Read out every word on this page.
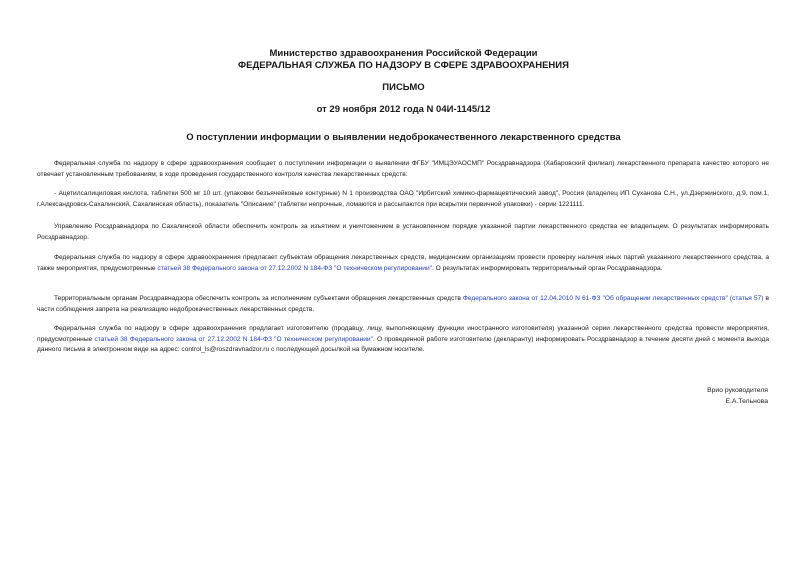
Министерство здравоохранения Российской Федерации
ФЕДЕРАЛЬНАЯ СЛУЖБА ПО НАДЗОРУ В СФЕРЕ ЗДРАВООХРАНЕНИЯ
ПИСЬМО
от 29 ноября 2012 года N 04И-1145/12
О поступлении информации о выявлении недоброкачественного лекарственного средства
Федеральная служба по надзору в сфере здравоохранения сообщает о поступлении информации о выявлении ФГБУ "ИМЦЭУАОСМП" Росздравнадзора (Хабаровский филиал) лекарственного препарата качество которого не отвечает установленным требованиям, в ходе проведения государственного контроля качества лекарственных средств:
- Ацетилсалициловая кислота, таблетки 500 мг 10 шт. (упаковки безъячейковые контурные) N 1 производства ОАО "Ирбитский химико-фармацевтический завод", Россия (владелец ИП Суханова С.Н., ул.Дзержинского, д.9, пом.1, г.Александровск-Сахалинский, Сахалинская область), показатель "Описание" (таблетки непрочные, ломаются и рассыпаются при вскрытии первичной упаковки) - серии 1221111.
Управлению Росздравнадзора по Сахалинской области обеспечить контроль за изъятием и уничтожением в установленном порядке указанной партии лекарственного средства ее владельцем. О результатах информировать Росздравнадзор.
Федеральная служба по надзору в сфере здравоохранения предлагает субъектам обращения лекарственных средств, медицинским организациям провести проверку наличия иных партий указанного лекарственного средства, а также мероприятия, предусмотренные статьей 38 Федерального закона от 27.12.2002 N 184-ФЗ "О техническом регулировании". О результатах информировать территориальный орган Росздравнадзора.
Территориальным органам Росздравнадзора обеспечить контроль за исполнением субъектами обращения лекарственных средств Федерального закона от 12.04.2010 N 61-ФЗ "Об обращении лекарственных средств" (статья 57) в части соблюдения запрета на реализацию недоброкачественных лекарственных средств.
Федеральная служба по надзору в сфере здравоохранения предлагает изготовителю (продавцу, лицу, выполняющему функции иностранного изготовителя) указанной серии лекарственного средства провести мероприятия, предусмотренные статьей 38 Федерального закона от 27.12.2002 N 184-ФЗ "О техническом регулировании". О проведенной работе изготовителю (декларанту) информировать Росздравнадзор в течение десяти дней с момента выхода данного письма в электронном виде на адрес: control_ls@roszdravnadzor.ru с последующей досылкой на бумажном носителе.
Врио руководителя
Е.А.Тельнова
